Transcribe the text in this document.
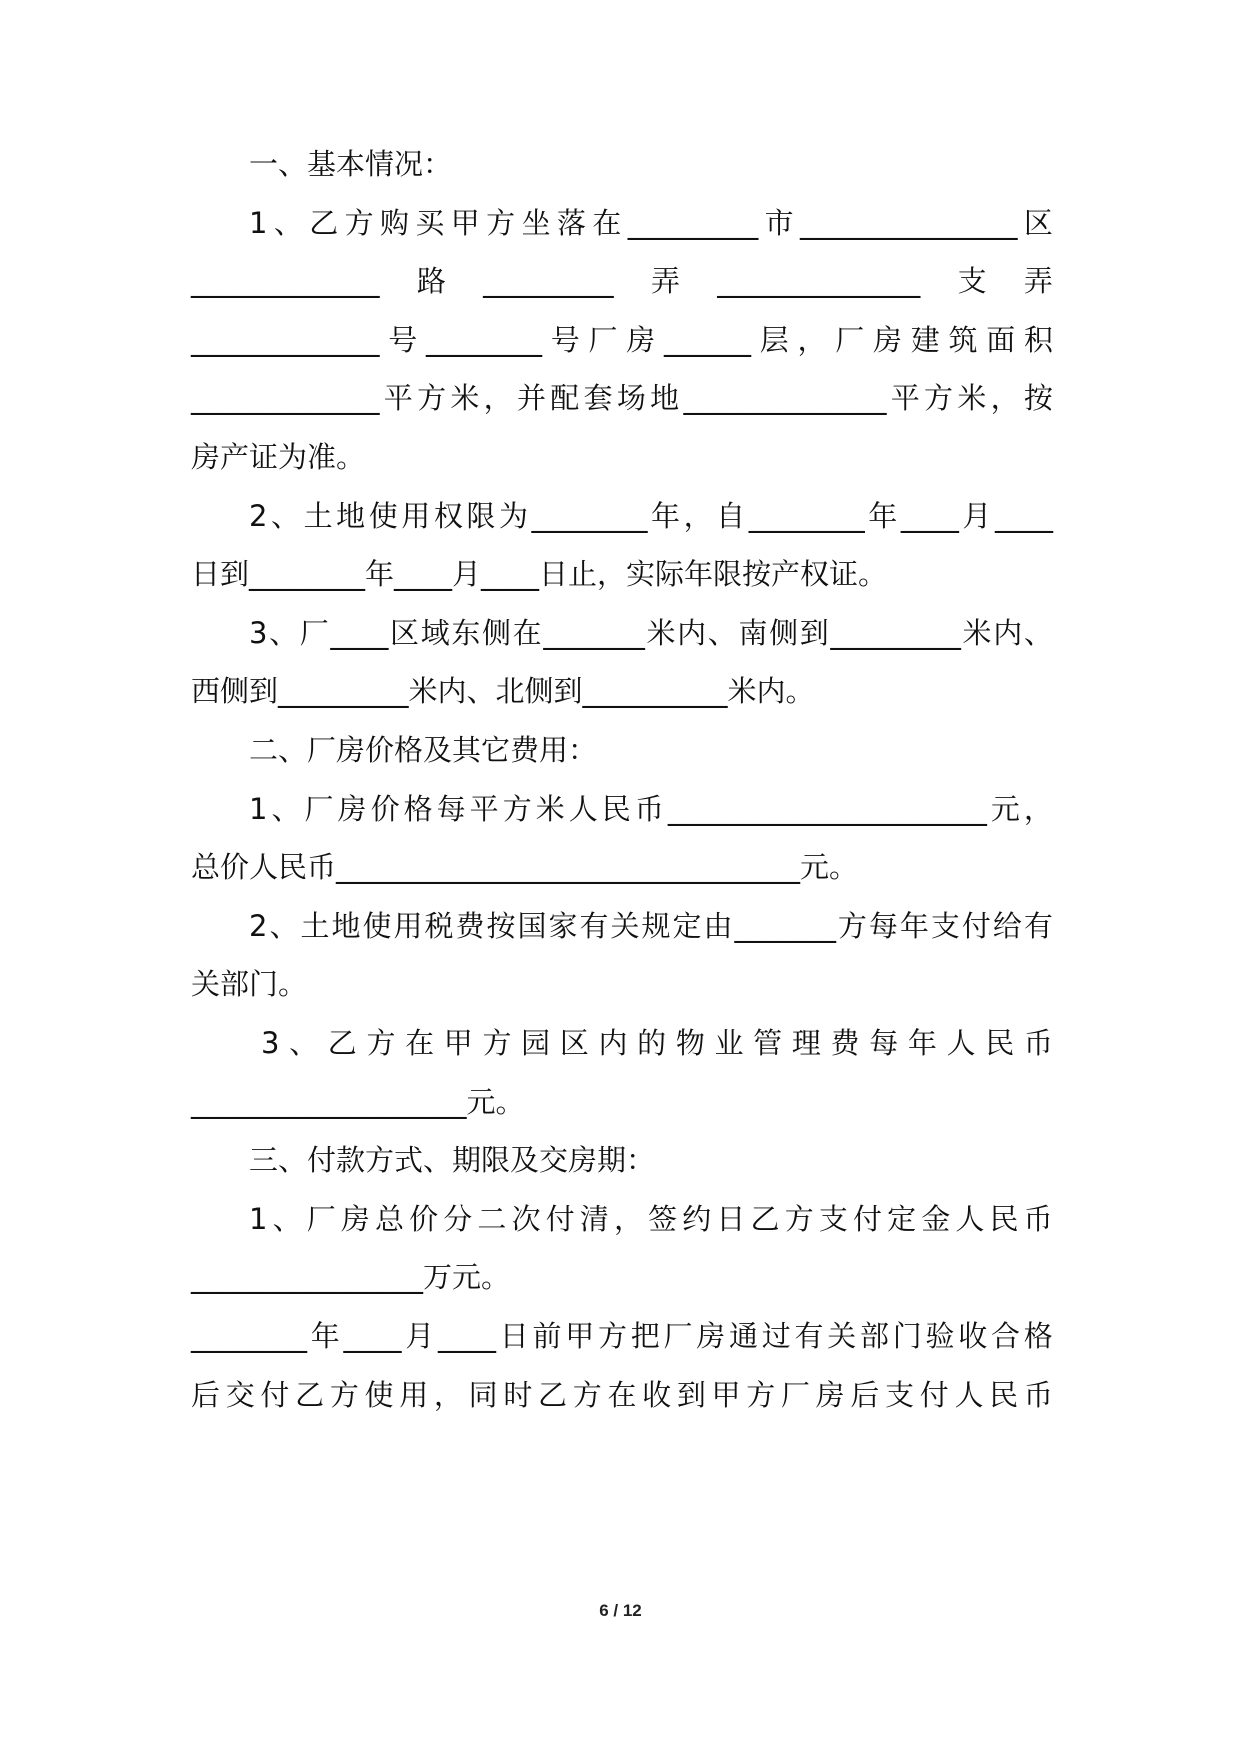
一、基本情况：
1 、 乙 方 购 买 甲 方 坐 落 在 _________ 市 _______________ 区
_____________ 路 _________ 弄 ______________ 支 弄
_____________ 号 ________ 号 厂 房 ______ 层 ， 厂 房 建 筑 面 积
_____________ 平 方 米 ， 并 配 套 场 地 ______________ 平 方 米 ， 按
房产证为准。
2 、 土 地 使 用 权 限 为 ________ 年 ， 自 ________ 年 ____ 月 ____
日到________年____月____日止，实际年限按产权证。
3 、 厂 ____ 区 域 东 侧 在 _______ 米 内 、 南 侧 到 _________ 米 内 、
西侧到_________米内、北侧到__________米内。
二、厂房价格及其它费用：
1 、 厂 房 价 格 每 平 方 米 人 民 币 ______________________ 元 ，
总价人民币________________________________元。
2 、 土 地 使 用 税 费 按 国 家 有 关 规 定 由 _______ 方 每 年 支 付 给 有
关部门。
3 、 乙 方 在 甲 方 园 区 内 的 物 业 管 理 费 每 年 人 民 币
___________________元。
三、付款方式、期限及交房期：
1 、 厂 房 总 价 分 二 次 付 清 ， 签 约 日 乙 方 支 付 定 金 人 民 币
________________万元。
________ 年 ____ 月 ____ 日 前 甲 方 把 厂 房 通 过 有 关 部 门 验 收 合 格
后 交 付 乙 方 使 用 ， 同 时 乙 方 在 收 到 甲 方 厂 房 后 支 付 人 民 币
6 / 12
